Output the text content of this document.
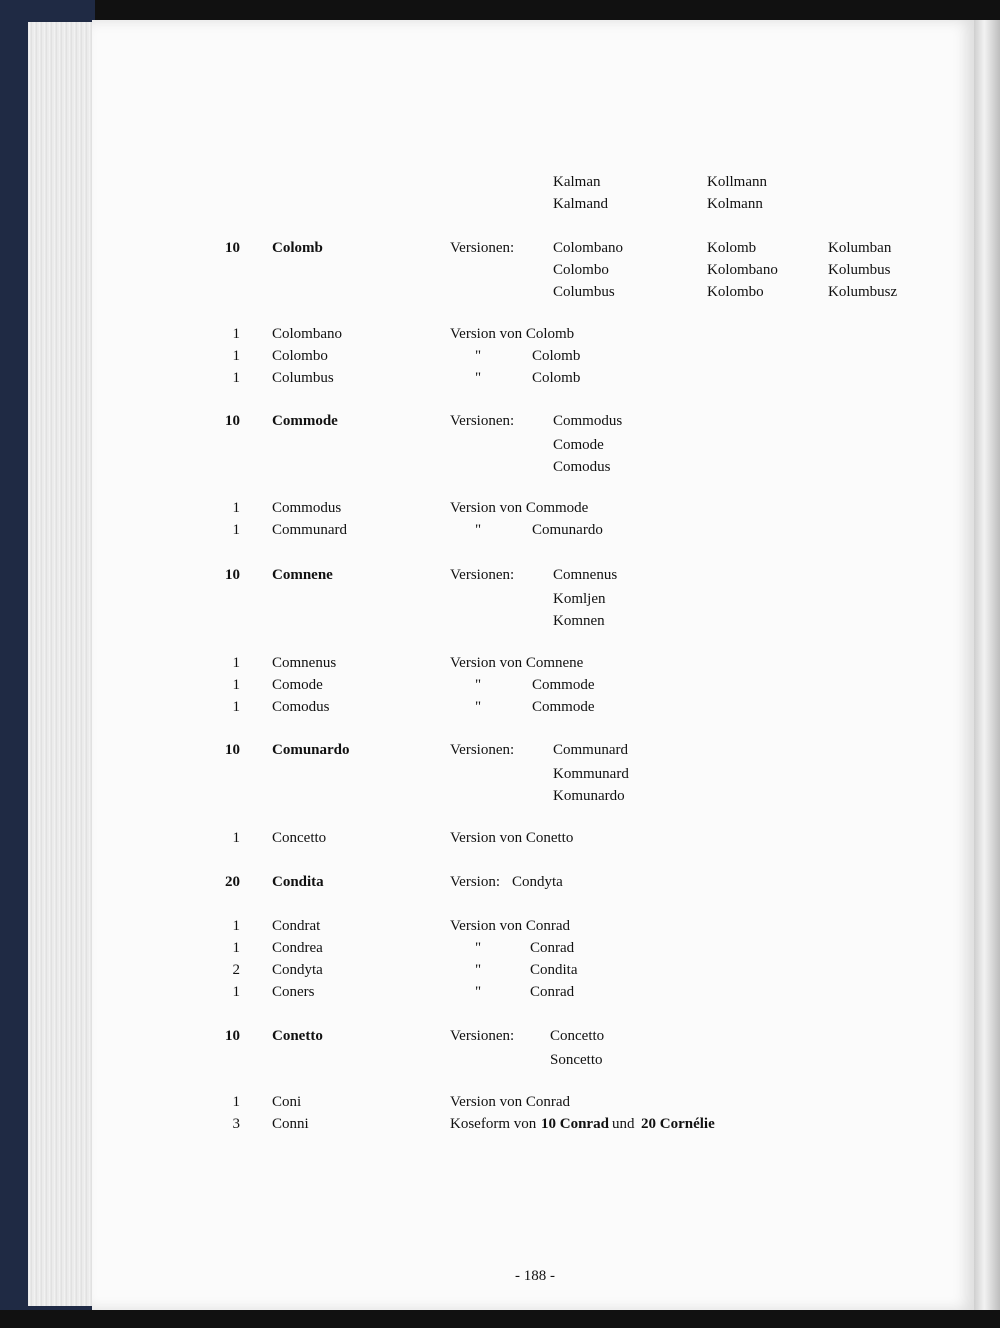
Kalman	Kollmann
Kalmand	Kolmann
10 Colomb	Versionen:	Colombano	Kolomb	Kolumban
Colombo	Kolombano	Kolumbus
Columbus	Kolombo	Kolumbusz
1 Colombano	Version von Colomb
1 Colombo	"	Colomb
1 Columbus	"	Colomb
10 Commode	Versionen:	Commodus
Comode
Comodus
1 Commodus	Version von Commode
1 Communard	"	Comunardo
10 Comnene	Versionen:	Comnenus
Komljen
Komnen
1 Comnenus	Version von Comnene
1 Comode	"	Commode
1 Comodus	"	Commode
10 Comunardo	Versionen:	Communard
Kommunard
Komunardo
1 Concetto	Version von Conetto
20 Condita	Version: Condyta
1 Condrat	Version von Conrad
1 Condrea	"	Conrad
2 Condyta	"	Condita
1 Coners	"	Conrad
10 Conetto	Versionen: Concetto
Soncetto
1 Coni	Version von Conrad
3 Conni	Koseform von 10 Conrad und 20 Cornélie
- 188 -
